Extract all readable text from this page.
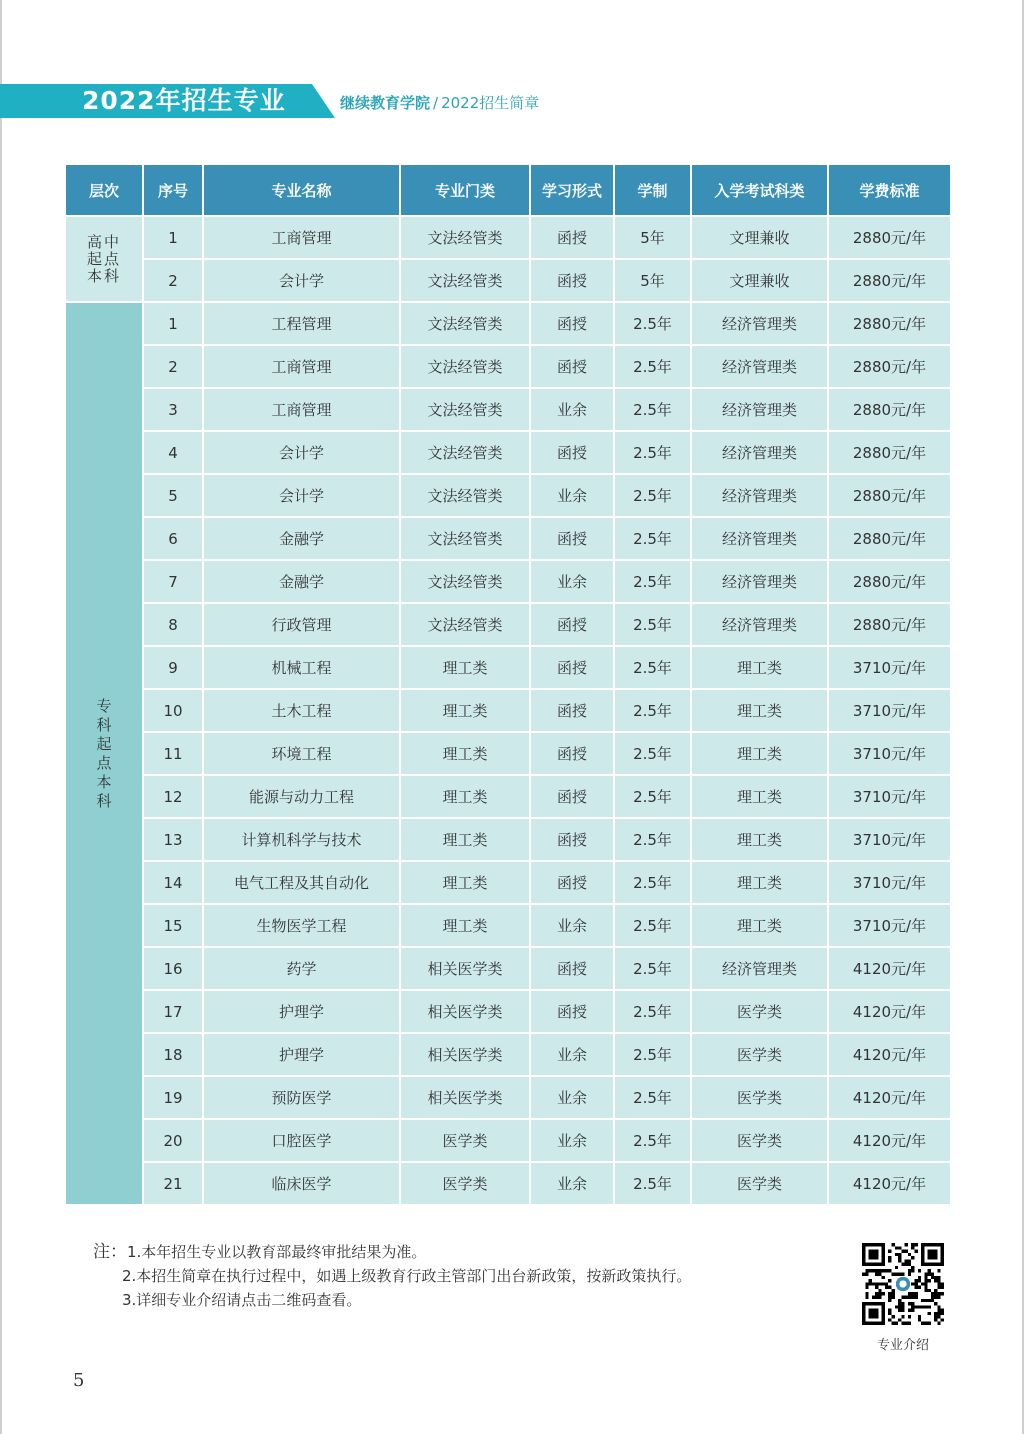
2022年招生专业	继续教育学院 / 2022招生简章
层次	序号	专业名称	专业门类	学习形式	学制	入学考试科类	学费标准
高中起点本科	1	工商管理	文法经管类	函授	5年	文理兼收	2880元/年
	2	会计学	文法经管类	函授	5年	文理兼收	2880元/年
专科起点本科	1	工程管理	文法经管类	函授	2.5年	经济管理类	2880元/年
	2	工商管理	文法经管类	函授	2.5年	经济管理类	2880元/年
	3	工商管理	文法经管类	业余	2.5年	经济管理类	2880元/年
	4	会计学	文法经管类	函授	2.5年	经济管理类	2880元/年
	5	会计学	文法经管类	业余	2.5年	经济管理类	2880元/年
	6	金融学	文法经管类	函授	2.5年	经济管理类	2880元/年
	7	金融学	文法经管类	业余	2.5年	经济管理类	2880元/年
	8	行政管理	文法经管类	函授	2.5年	经济管理类	2880元/年
	9	机械工程	理工类	函授	2.5年	理工类	3710元/年
	10	土木工程	理工类	函授	2.5年	理工类	3710元/年
	11	环境工程	理工类	函授	2.5年	理工类	3710元/年
	12	能源与动力工程	理工类	函授	2.5年	理工类	3710元/年
	13	计算机科学与技术	理工类	函授	2.5年	理工类	3710元/年
	14	电气工程及其自动化	理工类	函授	2.5年	理工类	3710元/年
	15	生物医学工程	理工类	业余	2.5年	理工类	3710元/年
	16	药学	相关医学类	函授	2.5年	经济管理类	4120元/年
	17	护理学	相关医学类	函授	2.5年	医学类	4120元/年
	18	护理学	相关医学类	业余	2.5年	医学类	4120元/年
	19	预防医学	相关医学类	业余	2.5年	医学类	4120元/年
	20	口腔医学	医学类	业余	2.5年	医学类	4120元/年
	21	临床医学	医学类	业余	2.5年	医学类	4120元/年
注：1.本年招生专业以教育部最终审批结果为准。
2.本招生简章在执行过程中，如遇上级教育行政主管部门出台新政策，按新政策执行。
3.详细专业介绍请点击二维码查看。
专业介绍
5
